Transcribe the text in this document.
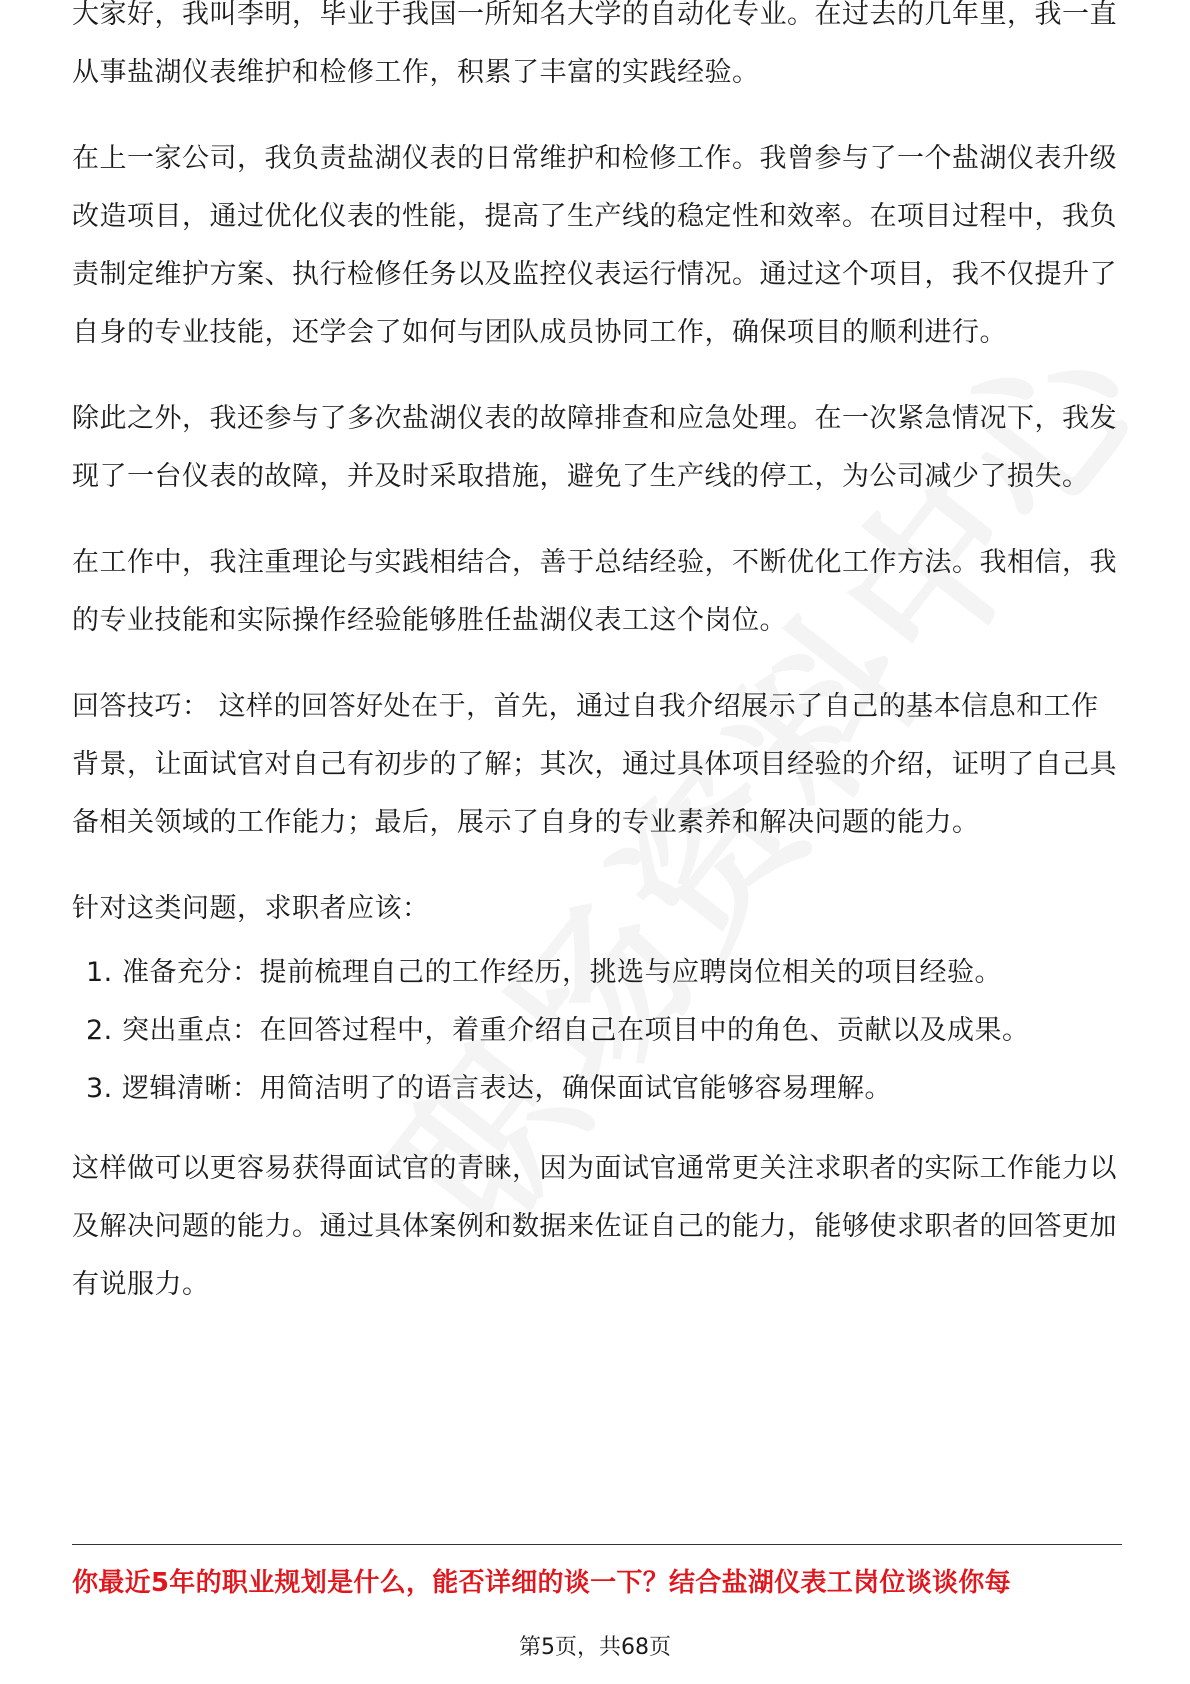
大家好，我叫李明，毕业于我国一所知名大学的自动化专业。在过去的几年里，我一直从事盐湖仪表维护和检修工作，积累了丰富的实践经验。

在上一家公司，我负责盐湖仪表的日常维护和检修工作。我曾参与了一个盐湖仪表升级改造项目，通过优化仪表的性能，提高了生产线的稳定性和效率。在项目过程中，我负责制定维护方案、执行检修任务以及监控仪表运行情况。通过这个项目，我不仅提升了自身的专业技能，还学会了如何与团队成员协同工作，确保项目的顺利进行。

除此之外，我还参与了多次盐湖仪表的故障排查和应急处理。在一次紧急情况下，我发现了一台仪表的故障，并及时采取措施，避免了生产线的停工，为公司减少了损失。

在工作中，我注重理论与实践相结合，善于总结经验，不断优化工作方法。我相信，我的专业技能和实际操作经验能够胜任盐湖仪表工这个岗位。

回答技巧： 这样的回答好处在于，首先，通过自我介绍展示了自己的基本信息和工作背景，让面试官对自己有初步的了解；其次，通过具体项目经验的介绍，证明了自己具备相关领域的工作能力；最后，展示了自身的专业素养和解决问题的能力。

针对这类问题，求职者应该：

1. 准备充分：提前梳理自己的工作经历，挑选与应聘岗位相关的项目经验。
2. 突出重点：在回答过程中，着重介绍自己在项目中的角色、贡献以及成果。
3. 逻辑清晰：用简洁明了的语言表达，确保面试官能够容易理解。

这样做可以更容易获得面试官的青睐，因为面试官通常更关注求职者的实际工作能力以及解决问题的能力。通过具体案例和数据来佐证自己的能力，能够使求职者的回答更加有说服力。

你最近5年的职业规划是什么，能否详细的谈一下？结合盐湖仪表工岗位谈谈你每
第5页，共68页
